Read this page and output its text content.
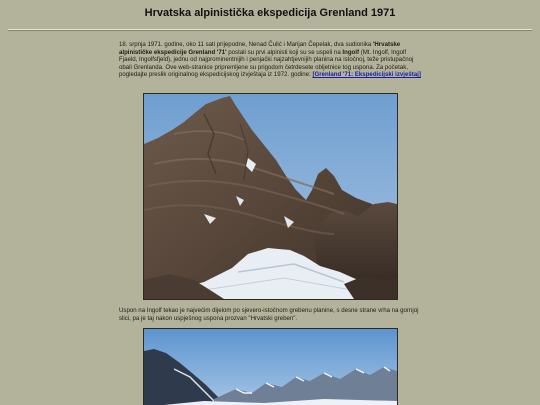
Hrvatska alpinistička ekspedicija Grenland 1971

18. srpnja 1971. godine, oko 11 sati prijepodne, Nenad Čulić i Marijan Čepelak, dva sudionika 'Hrvatske alpinističke ekspedicije Grenland '71' postali su prvi alpinisti koji su se uspeli na Ingolf (Mt. Ingolf, Ingolf Fjaeld, Ingolfsfjeld), jednu od najprominentnijih i penjački najzahtjevnijih planina na istočnoj, teže pristupačnoj obali Grenlanda. Ove web-stranice pripremljene su prigodom četrdesete obljetnice tog uspona. Za početak, pogledajte preslik originalnog ekspedicijskog izvještaja iz 1972. godine: [Grenland '71: Ekspedicijski izvještaj]

Uspon na Ingolf tekao je najvećim dijelom po sjevero-istočnom grebenu planine, s desne strane vrha na gornjoj slici, pa je taj nakon uspješnog uspona prozvan "Hrvatski greben".
